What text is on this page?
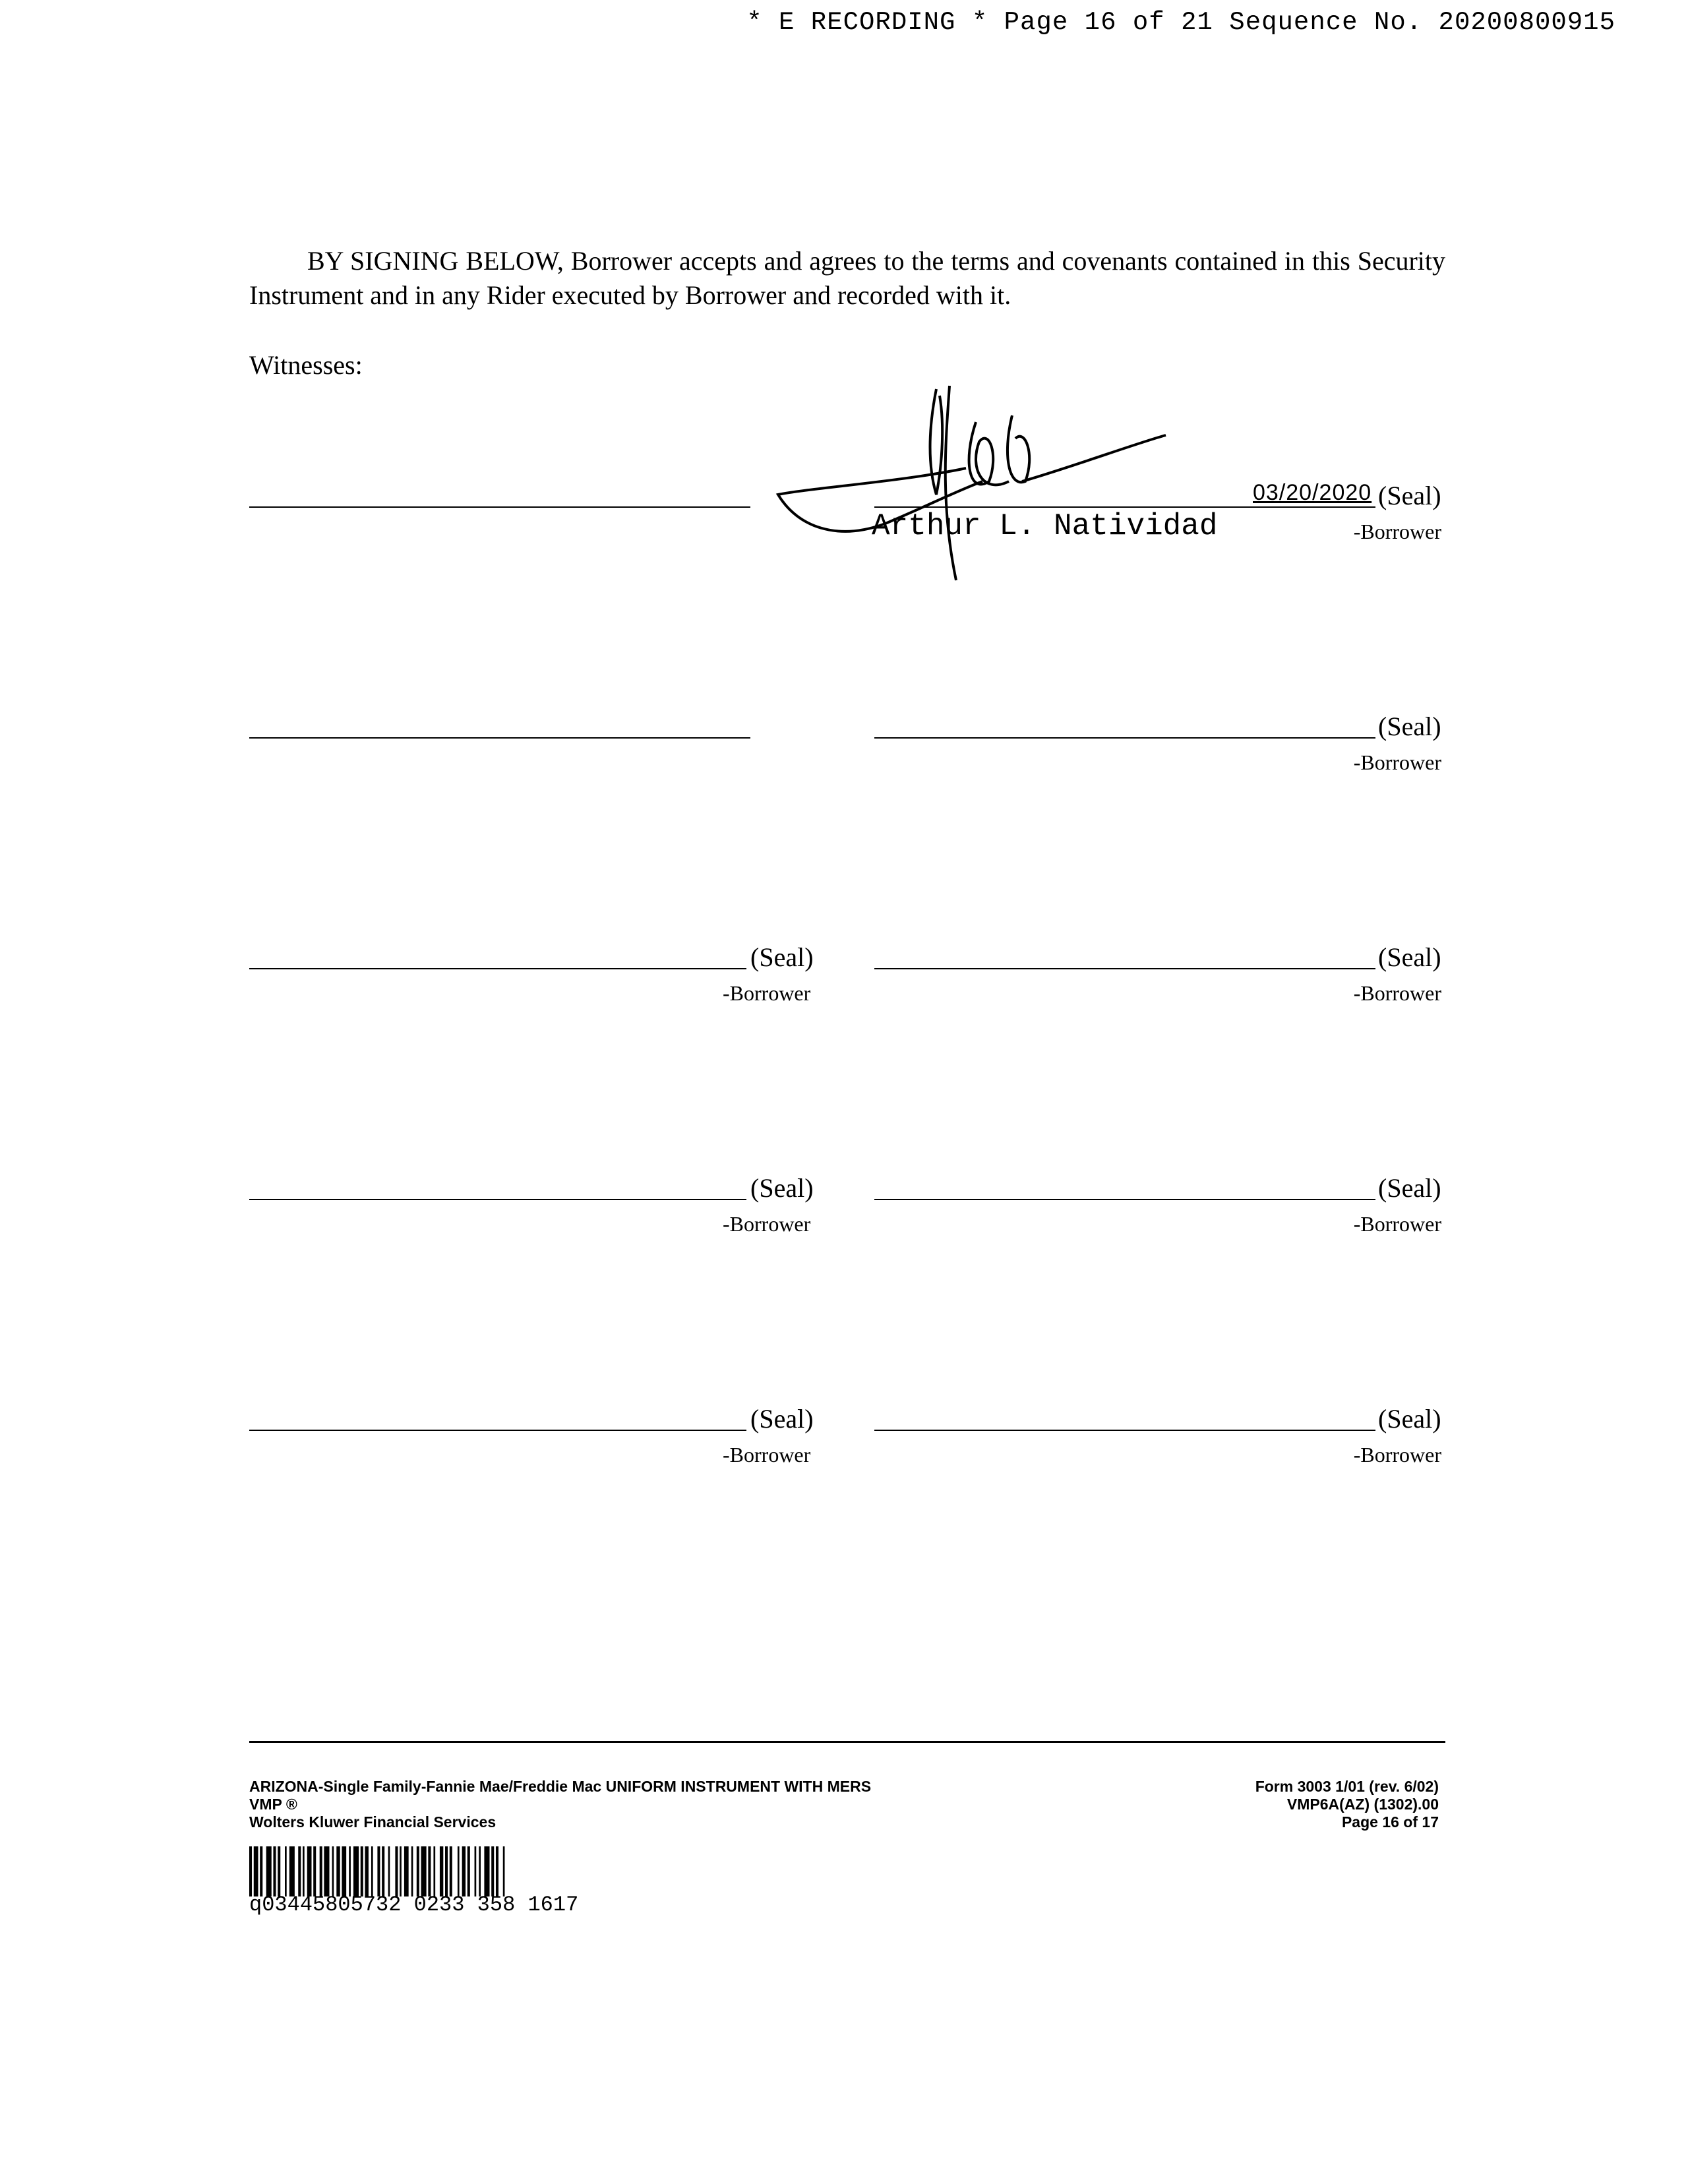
* E RECORDING * Page 16 of 21 Sequence No. 20200800915
BY SIGNING BELOW, Borrower accepts and agrees to the terms and covenants contained in this Security Instrument and in any Rider executed by Borrower and recorded with it.
Witnesses:
03/20/2020 (Seal)
-Borrower
Arthur L. Natividad
(Seal)
-Borrower
(Seal)
-Borrower
(Seal)
-Borrower
(Seal)
-Borrower
(Seal)
-Borrower
(Seal)
-Borrower
(Seal)
-Borrower
ARIZONA-Single Family-Fannie Mae/Freddie Mac UNIFORM INSTRUMENT WITH MERS
VMP ®
Wolters Kluwer Financial Services
Form 3003 1/01 (rev. 6/02)
VMP6A(AZ) (1302).00
Page 16 of 17
q03445805732 0233 358 1617
